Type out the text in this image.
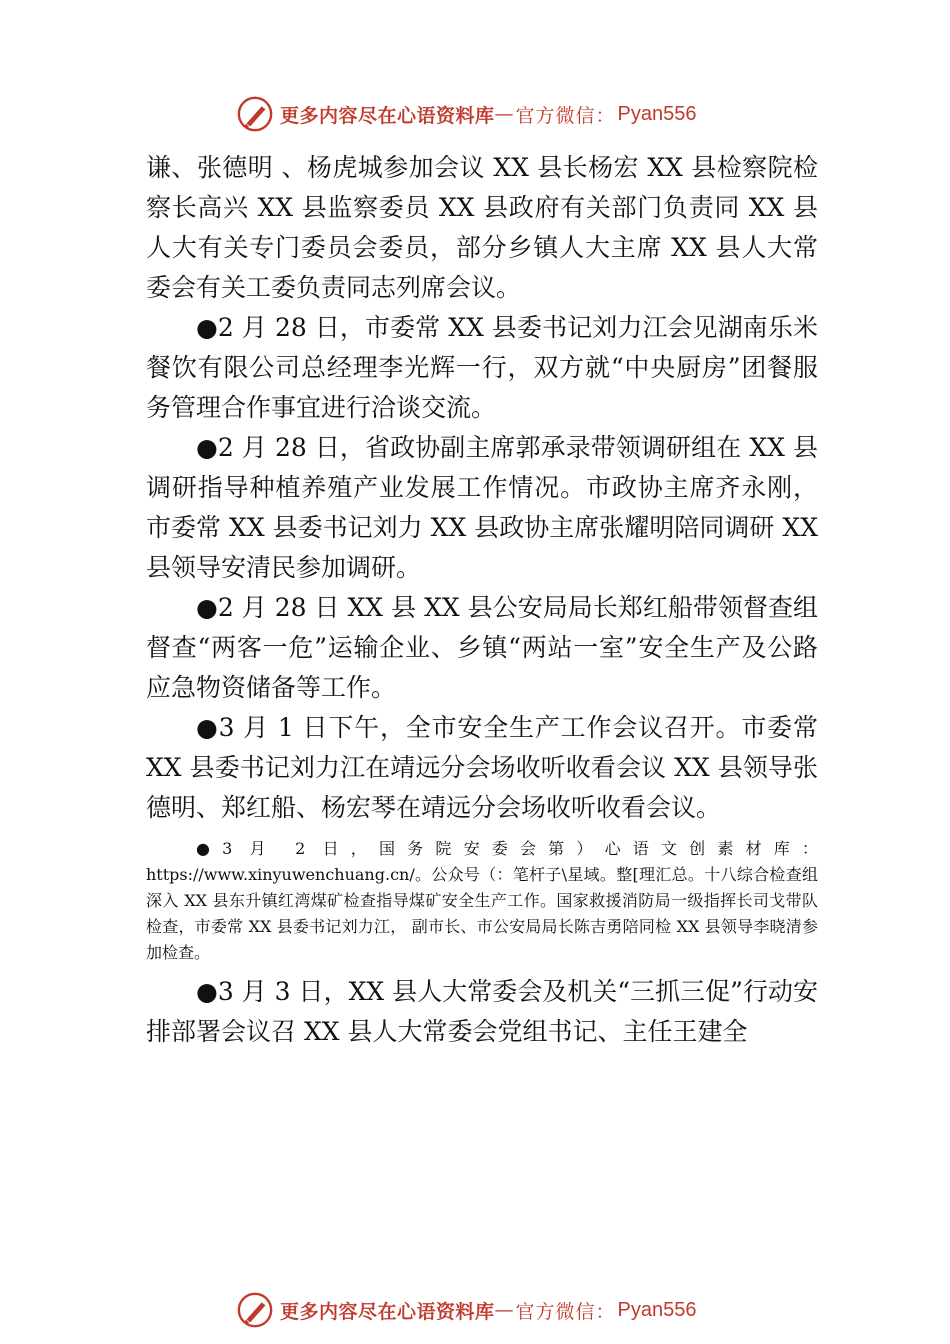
更多内容尽在心语资料库 — 官方微信： Pyan556

谦、张德明 、杨虎城参加会议 XX 县长杨宏 XX 县检察院检察长高兴 XX 县监察委员 XX 县政府有关部门负责同 XX 县人大有关专门委员会委员，部分乡镇人大主席 XX 县人大常委会有关工委负责同志列席会议。

●2 月 28 日，市委常 XX 县委书记刘力江会见湖南乐米餐饮有限公司总经理李光辉一行，双方就“中央厨房”团餐服务管理合作事宜进行洽谈交流。

●2 月 28 日，省政协副主席郭承录带领调研组在 XX 县调研指导种植养殖产业发展工作情况。市政协主席齐永刚， 市委常 XX 县委书记刘力 XX 县政协主席张耀明陪同调研 XX 县领导安清民参加调研。

●2 月 28 日 XX 县 XX 县公安局局长郑红船带领督查组督查“两客一危”运输企业、乡镇“两站一室”安全生产及公路应急物资储备等工作。

●3 月 1 日下午，全市安全生产工作会议召开。市委常 XX 县委书记刘力江在靖远分会场收听收看会议 XX 县领导张德明、郑红船、杨宏琴在靖远分会场收听收看会议。

●3 月 2 日，国务院安委会第）心语文创素材库：https://www.xinyuwenchuang.cn/。公众号（：笔杆子\星域。整[理汇总。十八综合检查组深入 XX 县东升镇红湾煤矿检查指导煤矿安全生产工作。国家救援消防局一级指挥长司戈带队检查，市委常 XX 县委书记刘力江， 副市长、市公安局局长陈吉勇陪同检 XX 县领导李晓清参加检查。

●3 月 3 日，XX 县人大常委会及机关“三抓三促”行动安排部署会议召 XX 县人大常委会党组书记、主任王建全

更多内容尽在心语资料库 — 官方微信： Pyan556
